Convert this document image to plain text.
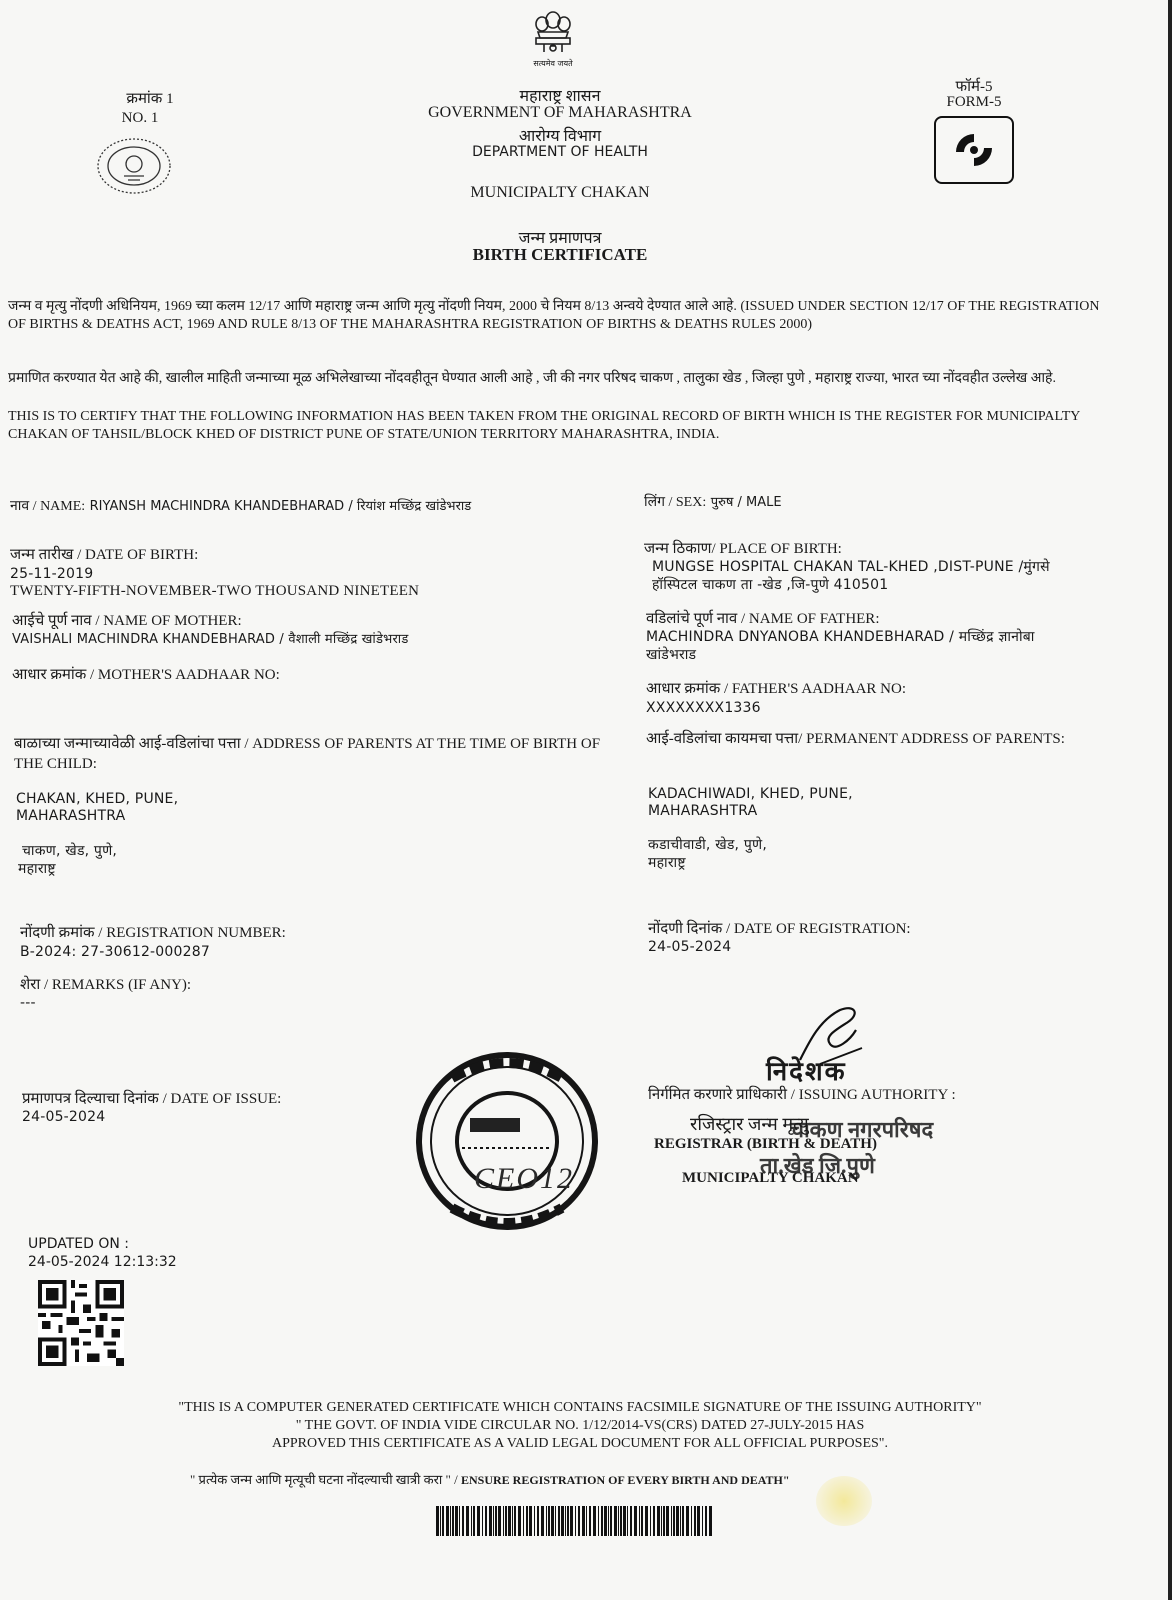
सत्यमेव जयते
क्रमांक 1
NO. 1
महाराष्ट्र शासन
GOVERNMENT OF MAHARASHTRA
आरोग्य विभाग
DEPARTMENT OF HEALTH
MUNICIPALTY CHAKAN
जन्म प्रमाणपत्र
BIRTH CERTIFICATE
फॉर्म-5
FORM-5
जन्म व मृत्यु नोंदणी अधिनियम, 1969 च्या कलम 12/17 आणि महाराष्ट्र जन्म आणि मृत्यु नोंदणी नियम, 2000 चे नियम 8/13 अन्वये देण्यात आले आहे. (ISSUED UNDER SECTION 12/17 OF THE REGISTRATION OF BIRTHS & DEATHS ACT, 1969 AND RULE 8/13 OF THE MAHARASHTRA REGISTRATION OF BIRTHS & DEATHS RULES 2000)
प्रमाणित करण्यात येत आहे की, खालील माहिती जन्माच्या मूळ अभिलेखाच्या नोंदवहीतून घेण्यात आली आहे , जी की नगर परिषद चाकण , तालुका खेड , जिल्हा पुणे , महाराष्ट्र राज्या, भारत च्या नोंदवहीत उल्लेख आहे.
THIS IS TO CERTIFY THAT THE FOLLOWING INFORMATION HAS BEEN TAKEN FROM THE ORIGINAL RECORD OF BIRTH WHICH IS THE REGISTER FOR MUNICIPALTY CHAKAN OF TAHSIL/BLOCK KHED OF DISTRICT PUNE OF STATE/UNION TERRITORY MAHARASHTRA, INDIA.
नाव / NAME: RIYANSH MACHINDRA KHANDEBHARAD / रियांश मच्छिंद्र खांडेभराड	लिंग / SEX: पुरुष / MALE
जन्म तारीख / DATE OF BIRTH:
25-11-2019
TWENTY-FIFTH-NOVEMBER-TWO THOUSAND NINETEEN
जन्म ठिकाण/ PLACE OF BIRTH:
MUNGSE HOSPITAL CHAKAN TAL-KHED ,DIST-PUNE /मुंगसे हॉस्पिटल चाकण ता -खेड ,जि-पुणे 410501
आईचे पूर्ण नाव / NAME OF MOTHER:
VAISHALI MACHINDRA KHANDEBHARAD / वैशाली मच्छिंद्र खांडेभराड
वडिलांचे पूर्ण नाव / NAME OF FATHER:
MACHINDRA DNYANOBA KHANDEBHARAD / मच्छिंद्र ज्ञानोबा खांडेभराड
आधार क्रमांक / MOTHER'S AADHAAR NO:
आधार क्रमांक / FATHER'S AADHAAR NO:
XXXXXXXX1336
बाळाच्या जन्माच्यावेळी आई-वडिलांचा पत्ता / ADDRESS OF PARENTS AT THE TIME OF BIRTH OF THE CHILD:
CHAKAN, KHED, PUNE,
MAHARASHTRA
चाकण, खेड, पुणे,
महाराष्ट्र
आई-वडिलांचा कायमचा पत्ता/ PERMANENT ADDRESS OF PARENTS:
KADACHIWADI, KHED, PUNE,
MAHARASHTRA
कडाचीवाडी, खेड, पुणे,
महाराष्ट्र
नोंदणी क्रमांक / REGISTRATION NUMBER:
B-2024: 27-30612-000287
नोंदणी दिनांक / DATE OF REGISTRATION:
24-05-2024
शेरा / REMARKS (IF ANY):
---
प्रमाणपत्र दिल्याचा दिनांक / DATE OF ISSUE:
24-05-2024
CEO12
निर्गमित करणारे प्राधिकारी / ISSUING AUTHORITY :
निदेशक
रजिस्ट्रार जन्म मृत्यु
चाकण नगरपरिषद
REGISTRAR (BIRTH & DEATH)
ता.खेड जि.पुणे
MUNICIPALTY CHAKAN
UPDATED ON :
24-05-2024 12:13:32
"THIS IS A COMPUTER GENERATED CERTIFICATE WHICH CONTAINS FACSIMILE SIGNATURE OF THE ISSUING AUTHORITY"
" THE GOVT. OF INDIA VIDE CIRCULAR NO. 1/12/2014-VS(CRS) DATED 27-JULY-2015 HAS
APPROVED THIS CERTIFICATE AS A VALID LEGAL DOCUMENT FOR ALL OFFICIAL PURPOSES".
" प्रत्येक जन्म आणि मृत्यूची घटना नोंदल्याची खात्री करा " / ENSURE REGISTRATION OF EVERY BIRTH AND DEATH"
